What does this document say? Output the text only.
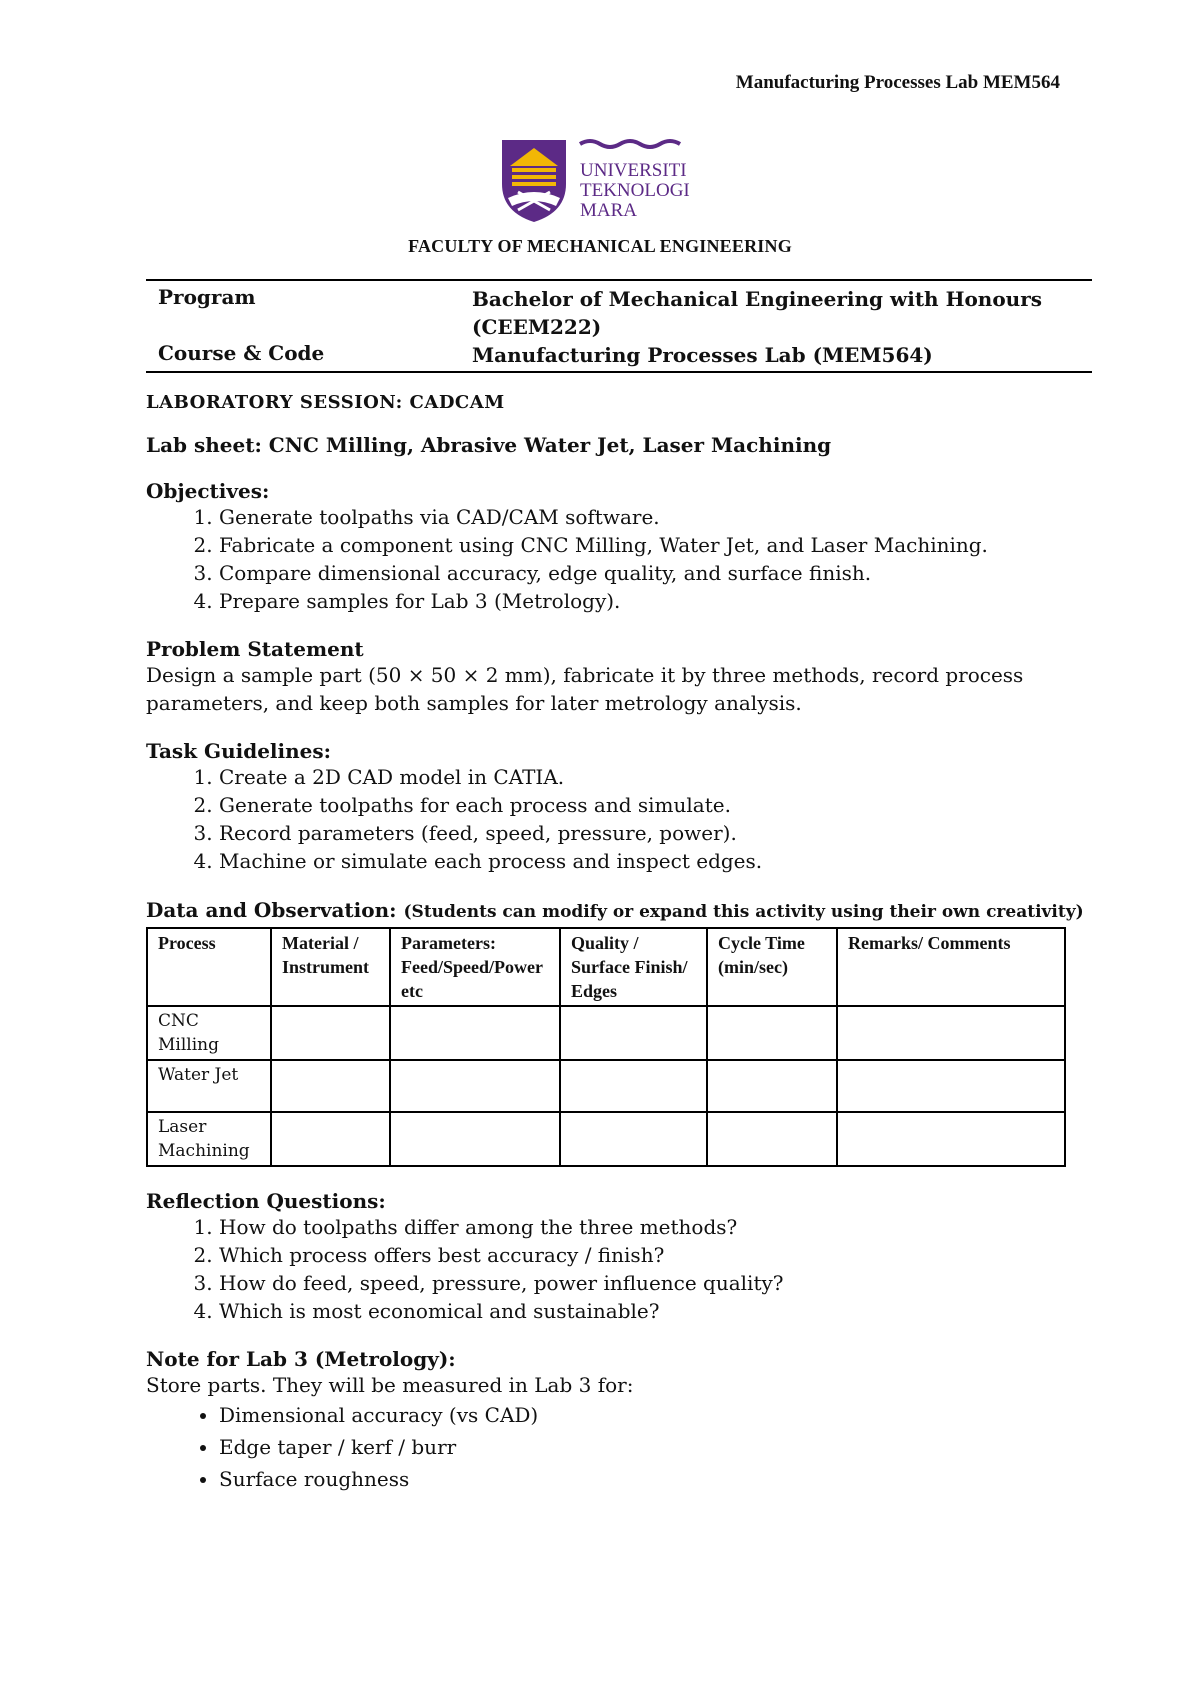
Manufacturing Processes Lab MEM564
UNIVERSITI
TEKNOLOGI
MARA
FACULTY OF MECHANICAL ENGINEERING
Program	Bachelor of Mechanical Engineering with Honours
(CEEM222)
Course & Code	Manufacturing Processes Lab (MEM564)
LABORATORY SESSION: CADCAM
Lab sheet: CNC Milling, Abrasive Water Jet, Laser Machining
Objectives:
1. Generate toolpaths via CAD/CAM software.
2. Fabricate a component using CNC Milling, Water Jet, and Laser Machining.
3. Compare dimensional accuracy, edge quality, and surface finish.
4. Prepare samples for Lab 3 (Metrology).
Problem Statement
Design a sample part (50 × 50 × 2 mm), fabricate it by three methods, record process
parameters, and keep both samples for later metrology analysis.
Task Guidelines:
1. Create a 2D CAD model in CATIA.
2. Generate toolpaths for each process and simulate.
3. Record parameters (feed, speed, pressure, power).
4. Machine or simulate each process and inspect edges.
Data and Observation: (Students can modify or expand this activity using their own creativity)
Process	Material / Instrument	Parameters: Feed/Speed/Power etc	Quality / Surface Finish/ Edges	Cycle Time (min/sec)	Remarks/ Comments
CNC Milling					
Water Jet					
Laser Machining					
Reflection Questions:
1. How do toolpaths differ among the three methods?
2. Which process offers best accuracy / finish?
3. How do feed, speed, pressure, power influence quality?
4. Which is most economical and sustainable?
Note for Lab 3 (Metrology):
Store parts. They will be measured in Lab 3 for:
• Dimensional accuracy (vs CAD)
• Edge taper / kerf / burr
• Surface roughness
